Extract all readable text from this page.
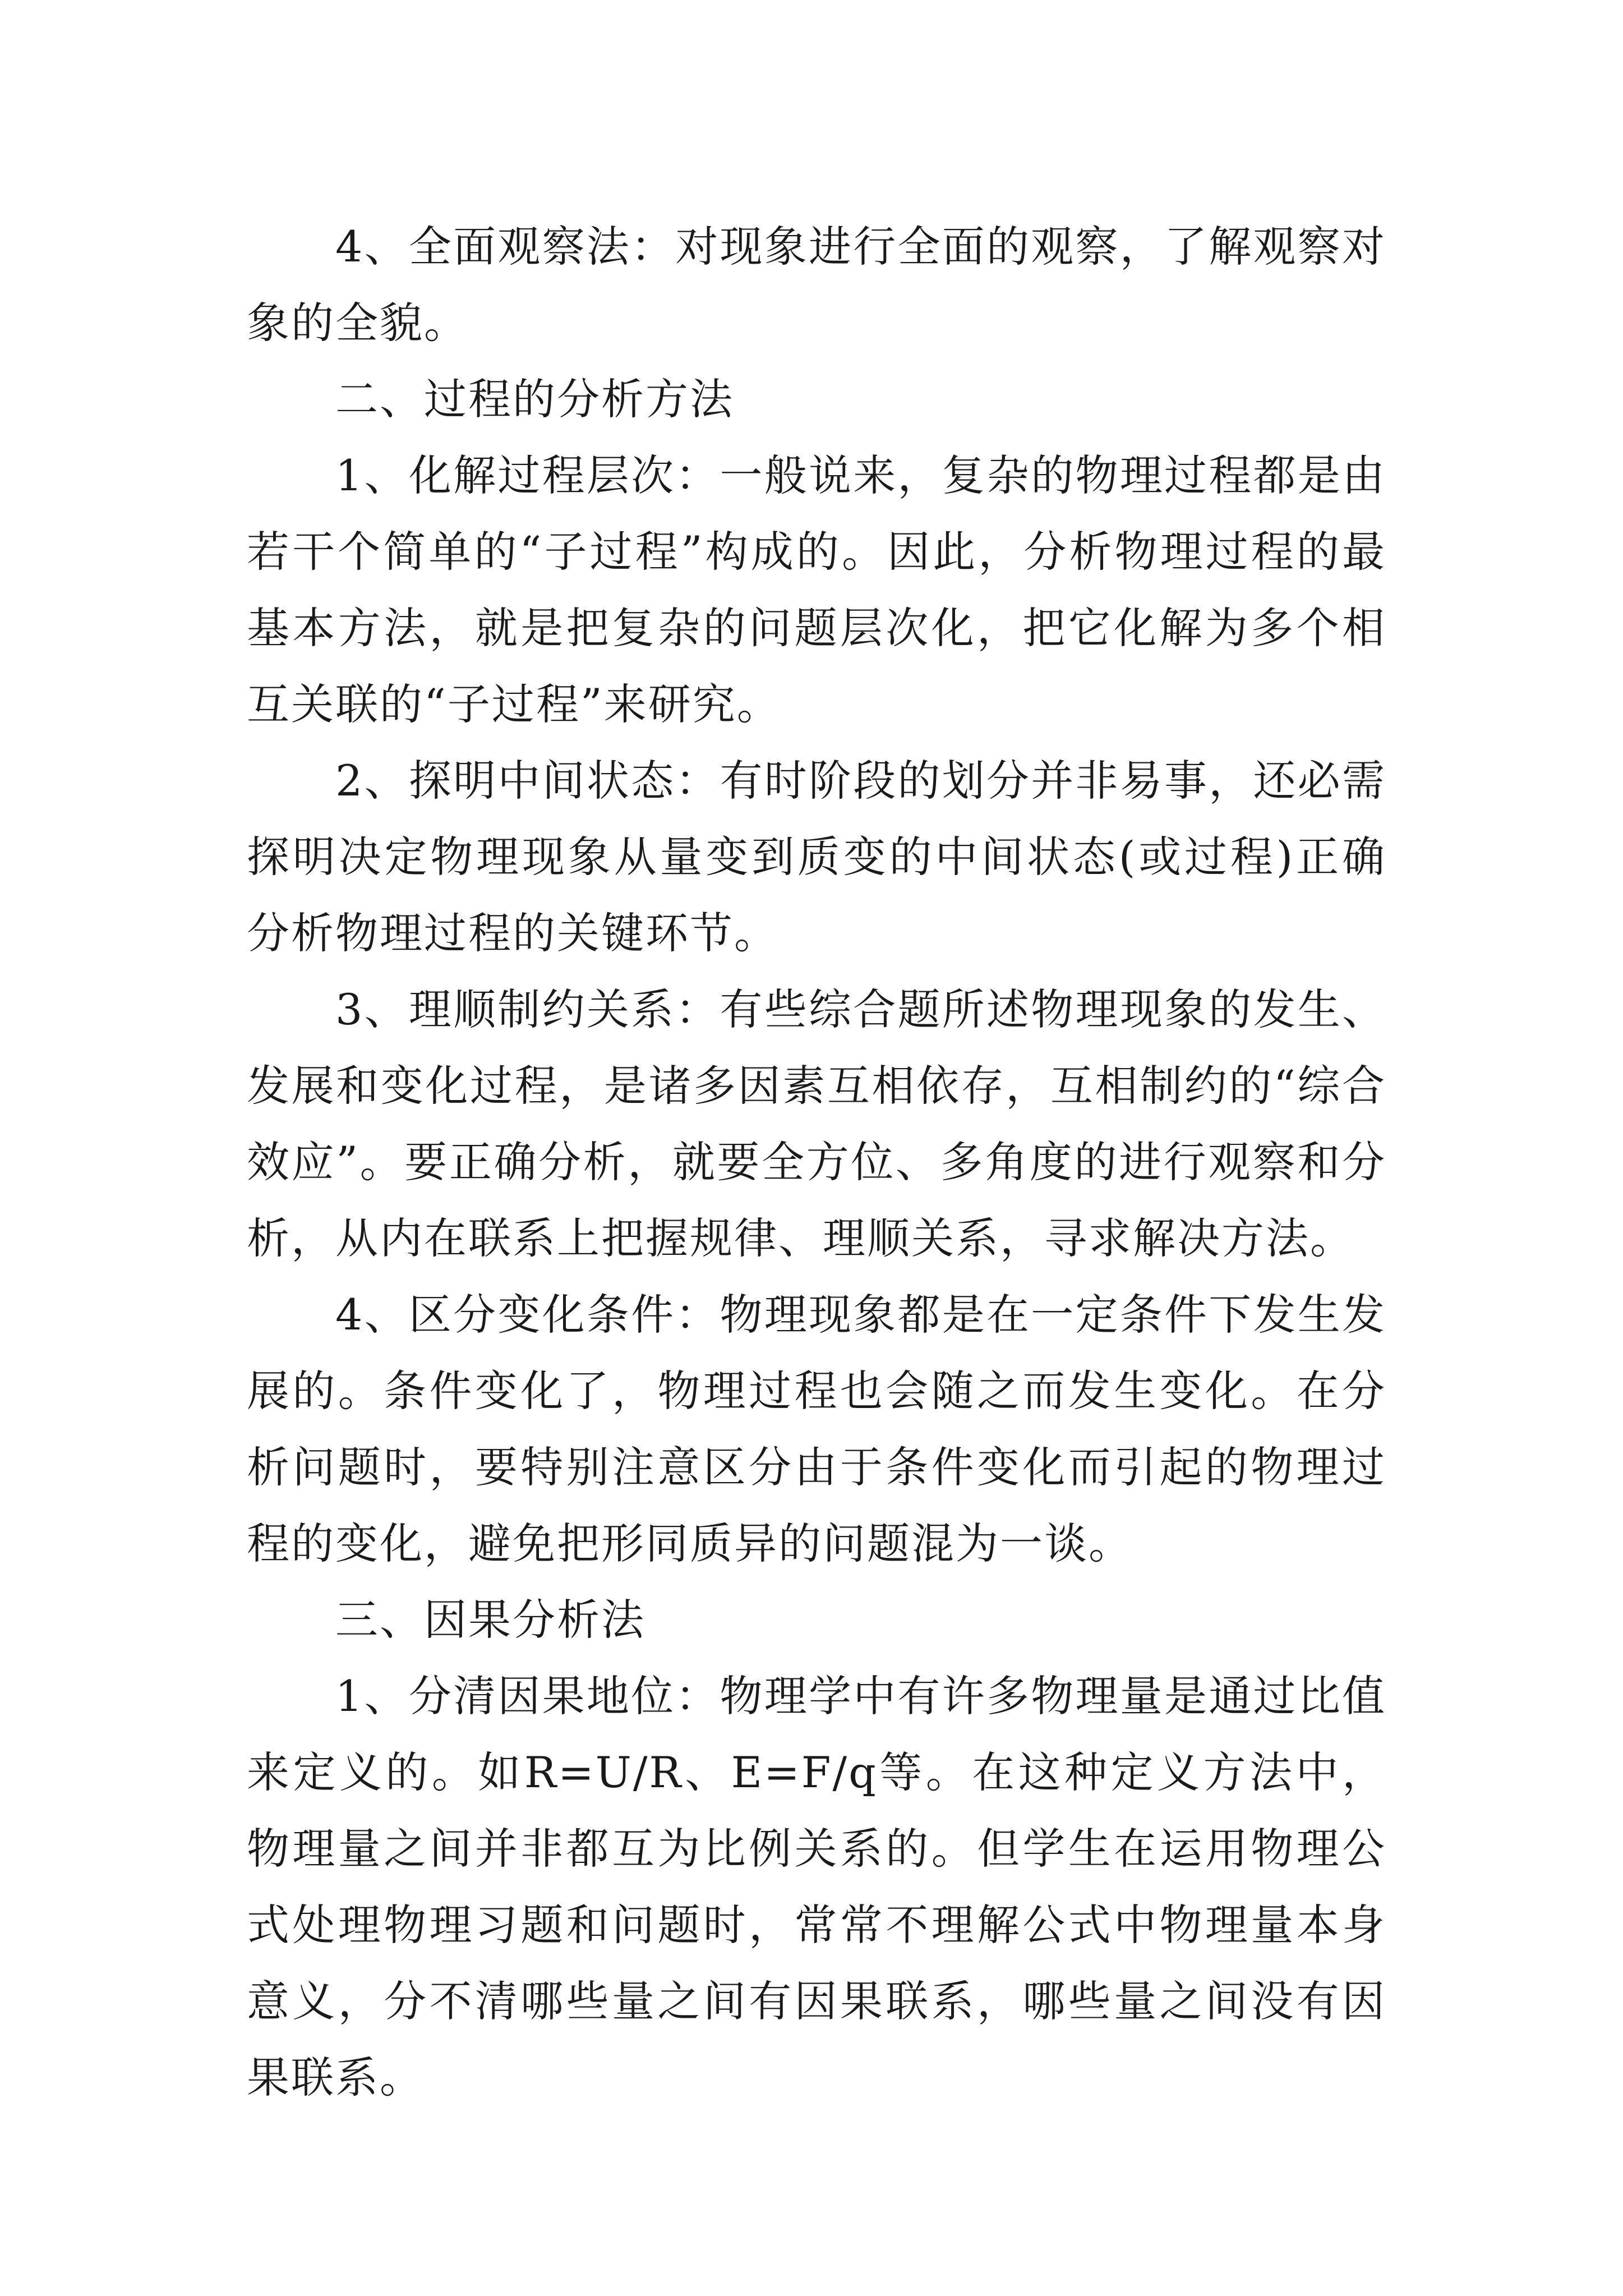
4、全面观察法：对现象进行全面的观察，了解观察对象的全貌。

二、过程的分析方法

1、化解过程层次：一般说来，复杂的物理过程都是由若干个简单的“子过程”构成的。因此，分析物理过程的最基本方法，就是把复杂的问题层次化，把它化解为多个相互关联的“子过程”来研究。

2、探明中间状态：有时阶段的划分并非易事，还必需探明决定物理现象从量变到质变的中间状态(或过程)正确分析物理过程的关键环节。

3、理顺制约关系：有些综合题所述物理现象的发生、发展和变化过程，是诸多因素互相依存，互相制约的“综合效应”。要正确分析，就要全方位、多角度的进行观察和分析，从内在联系上把握规律、理顺关系，寻求解决方法。

4、区分变化条件：物理现象都是在一定条件下发生发展的。条件变化了，物理过程也会随之而发生变化。在分析问题时，要特别注意区分由于条件变化而引起的物理过程的变化，避免把形同质异的问题混为一谈。

三、因果分析法

1、分清因果地位：物理学中有许多物理量是通过比值来定义的。如R=U/R、E=F/q等。在这种定义方法中，物理量之间并非都互为比例关系的。但学生在运用物理公式处理物理习题和问题时，常常不理解公式中物理量本身意义，分不清哪些量之间有因果联系，哪些量之间没有因果联系。
